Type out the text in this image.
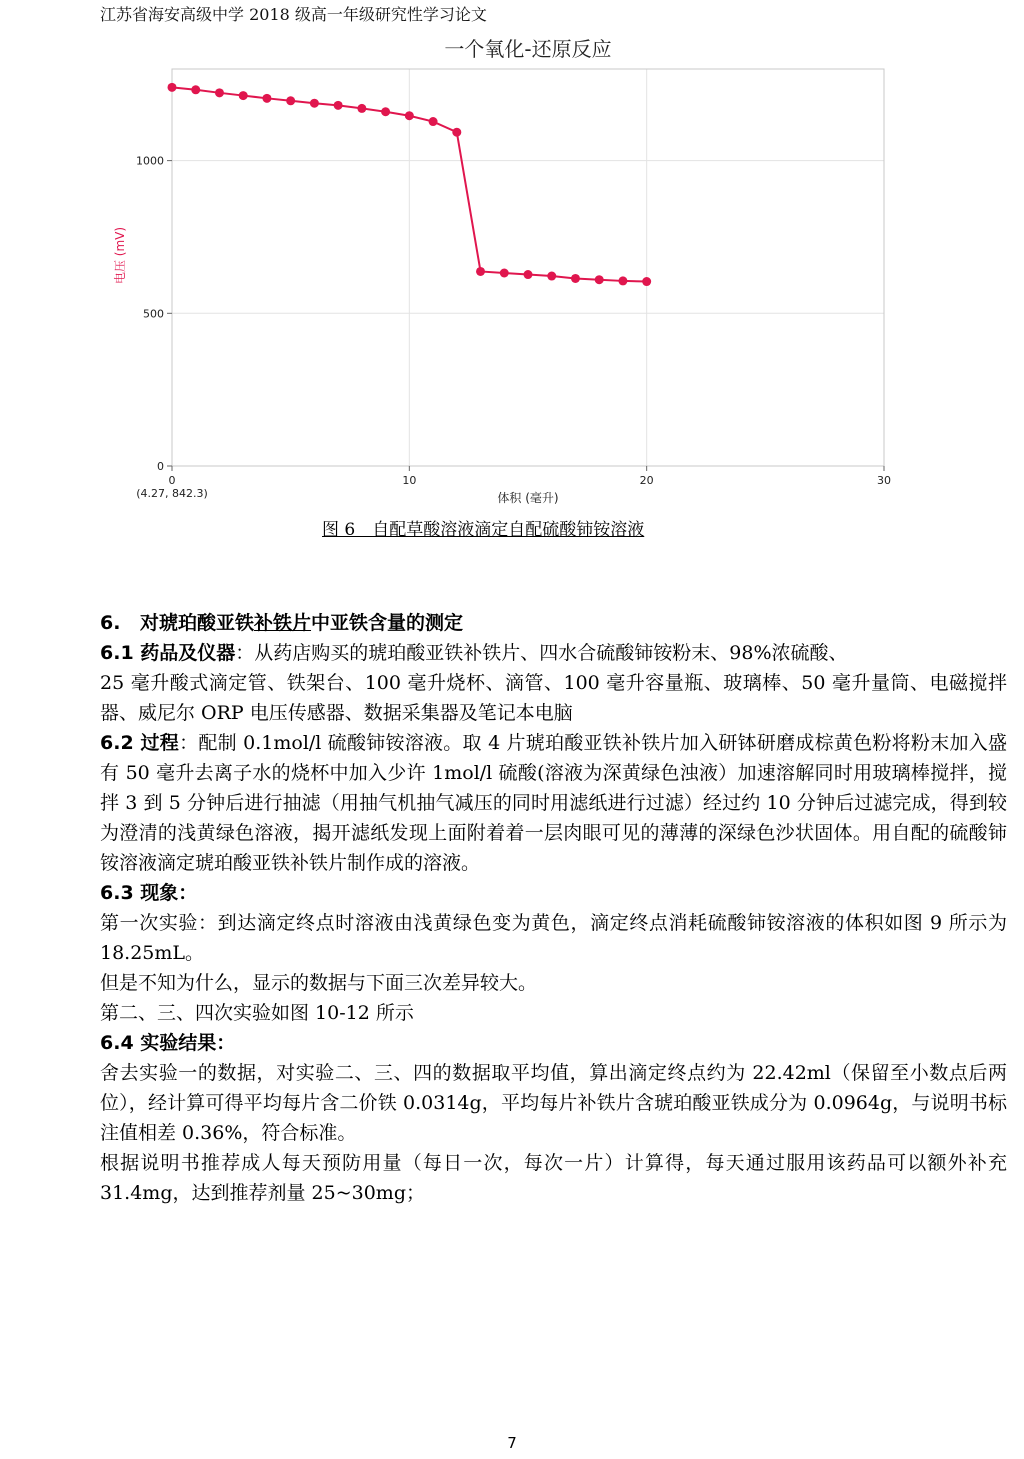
江苏省海安高级中学 2018 级高一年级研究性学习论文
一个氧化-还原反应
0
500
1000
0	10	20	30
(4.27, 842.3)	体积 (毫升)
电压 (mV)
图 6　自配草酸溶液滴定自配硫酸铈铵溶液

6.	对琥珀酸亚铁补铁片中亚铁含量的测定

6.1 药品及仪器： 从药店购买的琥珀酸亚铁补铁片、四水合硫酸铈铵粉末、98%浓硫酸、

25 毫升酸式滴定管、铁架台、100 毫升烧杯、滴管、100 毫升容量瓶、玻璃棒、50 毫升量筒、电磁搅拌器、威尼尔 ORP 电压传感器、数据采集器及笔记本电脑

6.2 过程：配制 0.1mol/l 硫酸铈铵溶液。取 4 片琥珀酸亚铁补铁片加入研钵研磨成棕黄色粉将粉末加入盛有 50 毫升去离子水的烧杯中加入少许 1mol/l 硫酸(溶液为深黄绿色浊液）加速溶解同时用玻璃棒搅拌，搅拌 3 到 5 分钟后进行抽滤（用抽气机抽气减压的同时用滤纸进行过滤）经过约 10 分钟后过滤完成，得到较为澄清的浅黄绿色溶液，揭开滤纸发现上面附着着一层肉眼可见的薄薄的深绿色沙状固体。用自配的硫酸铈铵溶液滴定琥珀酸亚铁补铁片制作成的溶液。

6.3 现象：

第一次实验：到达滴定终点时溶液由浅黄绿色变为黄色，滴定终点消耗硫酸铈铵溶液的体积如图 9 所示为 18.25mL。

但是不知为什么，显示的数据与下面三次差异较大。

第二、三、四次实验如图 10-12 所示

6.4 实验结果：

舍去实验一的数据，对实验二、三、四的数据取平均值，算出滴定终点约为 22.42ml（保留至小数点后两位），经计算可得平均每片含二价铁 0.0314g，平均每片补铁片含琥珀酸亚铁成分为 0.0964g，与说明书标注值相差 0.36%，符合标准。

根据说明书推荐成人每天预防用量（每日一次，每次一片）计算得，每天通过服用该药品可以额外补充 31.4mg，达到推荐剂量 25~30mg；

7
